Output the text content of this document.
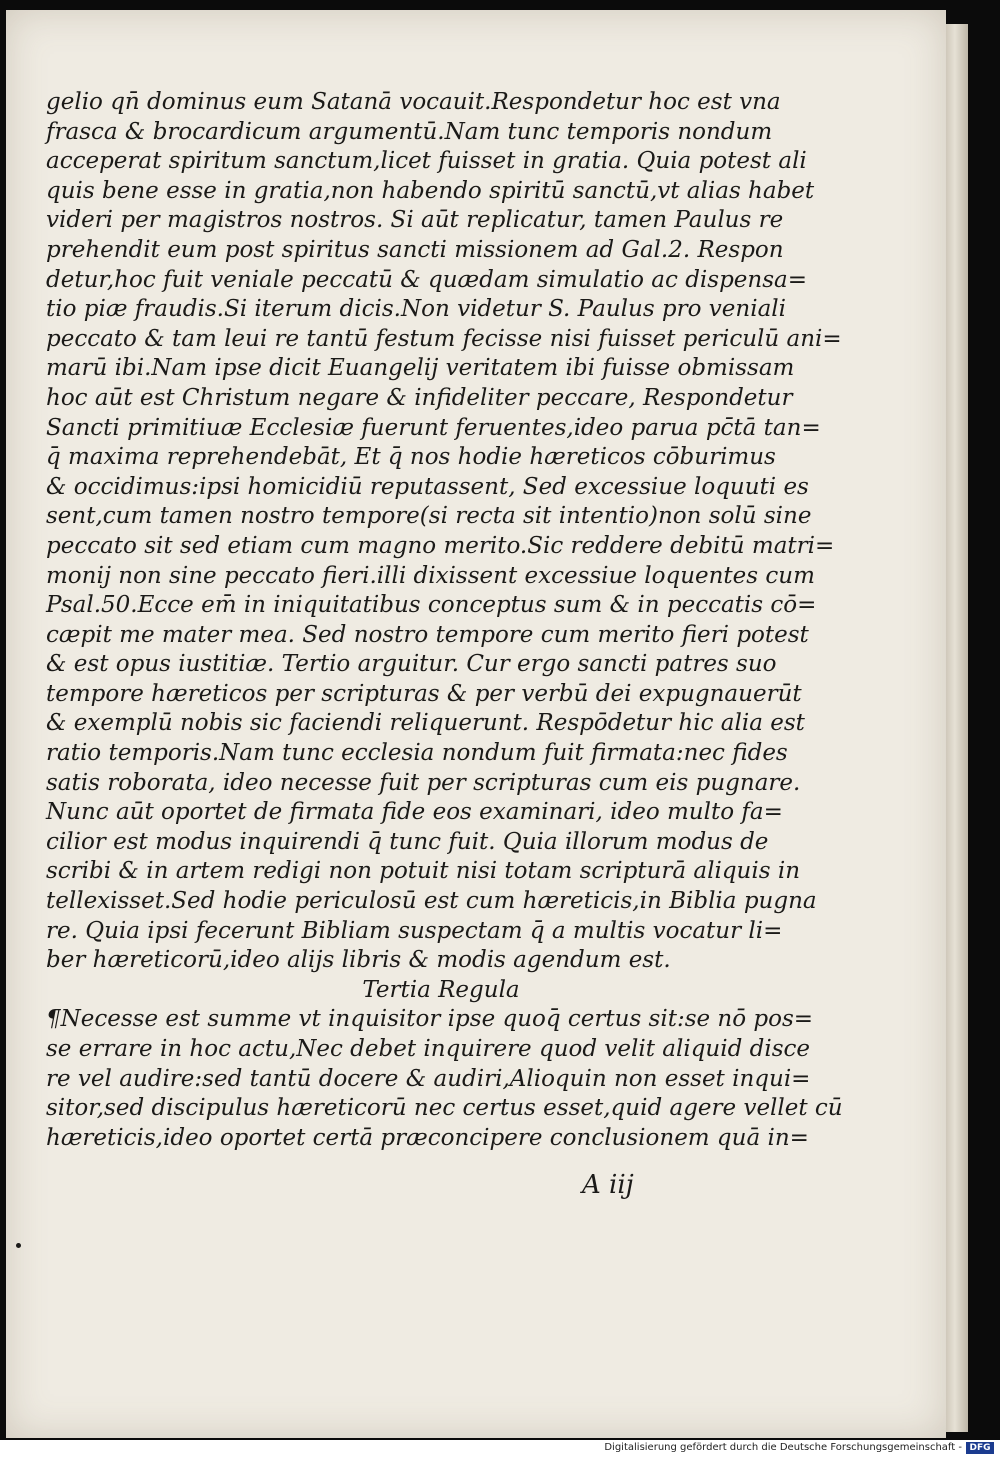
gelio qn̄ dominus eum Satanā vocauit.Respondetur hoc est vna
frasca & brocardicum argumentū.Nam tunc temporis nondum
acceperat spiritum sanctum,licet fuisset in gratia. Quia potest ali
quis bene esse in gratia,non habendo spiritū sanctū,vt alias habet
videri per magistros nostros. Si aūt replicatur, tamen Paulus re
prehendit eum post spiritus sancti missionem ad Gal.2. Respon
detur,hoc fuit veniale peccatū & quædam simulatio ac dispensa=
tio piæ fraudis.Si iterum dicis.Non videtur S. Paulus pro veniali
peccato & tam leui re tantū festum fecisse nisi fuisset periculū ani=
marū ibi.Nam ipse dicit Euangelij veritatem ibi fuisse obmissam
hoc aūt est Christum negare & infideliter peccare, Respondetur
Sancti primitiuæ Ecclesiæ fuerunt feruentes,ideo parua pc̄tā tan=
q̄ maxima reprehendebāt, Et q̄ nos hodie hæreticos cōburimus
& occidimus:ipsi homicidiū reputassent, Sed excessiue loquuti es
sent,cum tamen nostro tempore(si recta sit intentio)non solū sine
peccato sit sed etiam cum magno merito.Sic reddere debitū matri=
monij non sine peccato fieri.illi dixissent excessiue loquentes cum
Psal.50.Ecce em̄ in iniquitatibus conceptus sum & in peccatis cō=
cæpit me mater mea. Sed nostro tempore cum merito fieri potest
& est opus iustitiæ. Tertio arguitur. Cur ergo sancti patres suo
tempore hæreticos per scripturas & per verbū dei expugnauerūt
& exemplū nobis sic faciendi reliquerunt. Respōdetur hic alia est
ratio temporis.Nam tunc ecclesia nondum fuit firmata:nec fides
satis roborata, ideo necesse fuit per scripturas cum eis pugnare.
Nunc aūt oportet de firmata fide eos examinari, ideo multo fa=
cilior est modus inquirendi q̄ tunc fuit. Quia illorum modus de
scribi & in artem redigi non potuit nisi totam scripturā aliquis in
tellexisset.Sed hodie periculosū est cum hæreticis,in Biblia pugna
re. Quia ipsi fecerunt Bibliam suspectam q̄ a multis vocatur li=
ber hæreticorū,ideo alijs libris & modis agendum est.
Tertia Regula
¶Necesse est summe vt inquisitor ipse quoq̄ certus sit:se nō pos=
se errare in hoc actu,Nec debet inquirere quod velit aliquid disce
re vel audire:sed tantū docere & audiri,Alioquin non esset inqui=
sitor,sed discipulus hæreticorū nec certus esset,quid agere vellet cū
hæreticis,ideo oportet certā præconcipere conclusionem quā in=
A iij
Digitalisierung gefördert durch die Deutsche Forschungsgemeinschaft - DFG
